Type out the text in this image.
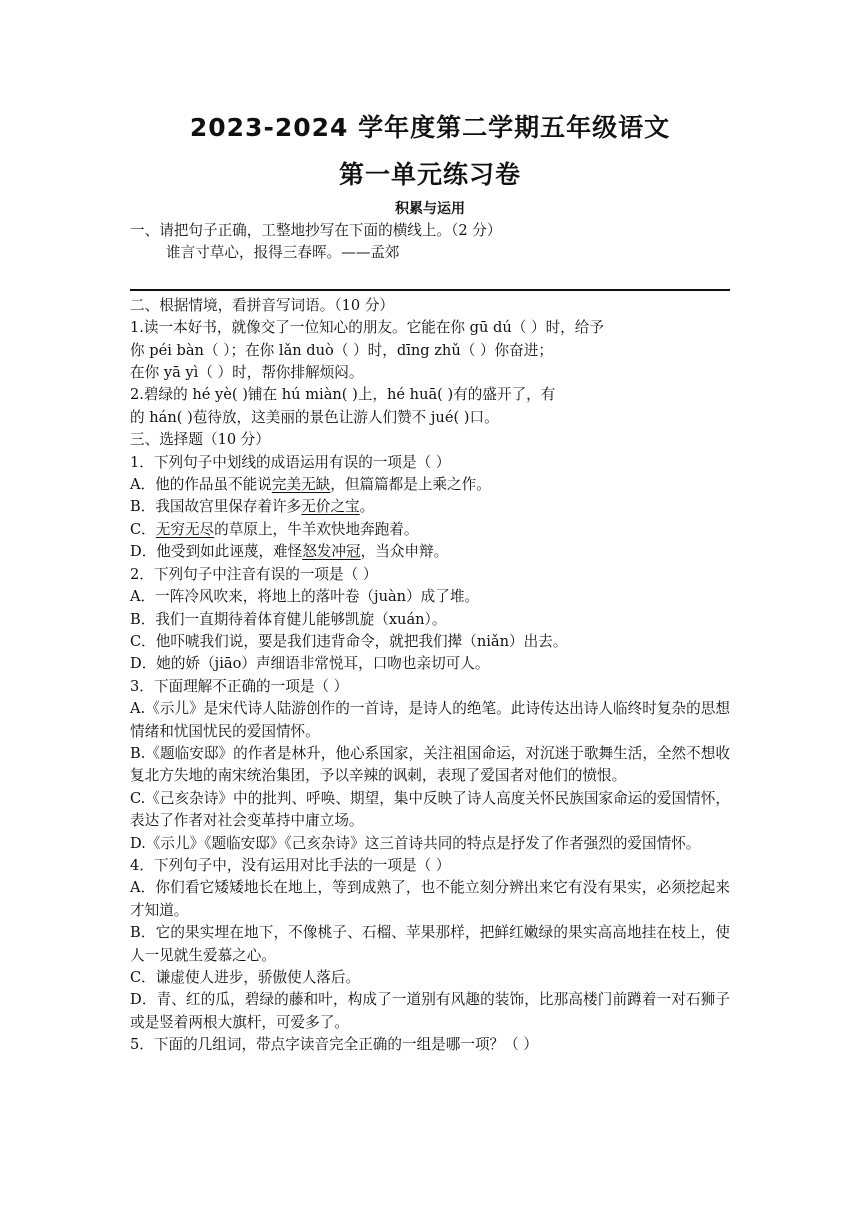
2023-2024 学年度第二学期五年级语文
第一单元练习卷
积累与运用
一、请把句子正确，工整地抄写在下面的横线上。（2 分）
谁言寸草心，报得三春晖。——孟郊
二、根据情境，看拼音写词语。（10 分）
1.读一本好书，就像交了一位知心的朋友。它能在你 gū dú（ ）时，给予
你 péi bàn（ ）；在你 lǎn duò（ ）时，dīng zhǔ（ ）你奋进；
在你 yā yì（ ）时，帮你排解烦闷。
2.碧绿的 hé yè( )铺在 hú miàn( )上，hé huā( )有的盛开了，有
的 hán( )苞待放，这美丽的景色让游人们赞不 jué( )口。
三、选择题（10 分）
1．下列句子中划线的成语运用有误的一项是（ ）
A．他的作品虽不能说完美无缺，但篇篇都是上乘之作。
B．我国故宫里保存着许多无价之宝。
C．无穷无尽的草原上，牛羊欢快地奔跑着。
D．他受到如此诬蔑，难怪怒发冲冠，当众申辩。
2．下列句子中注音有误的一项是（ ）
A．一阵冷风吹来，将地上的落叶卷（juàn）成了堆。
B．我们一直期待着体育健儿能够凯旋（xuán）。
C．他吓唬我们说，要是我们违背命令，就把我们撵（niǎn）出去。
D．她的娇（jiāo）声细语非常悦耳，口吻也亲切可人。
3．下面理解不正确的一项是（ ）
A.《示儿》是宋代诗人陆游创作的一首诗，是诗人的绝笔。此诗传达出诗人临终时复杂的思想情绪和忧国忧民的爱国情怀。
B.《题临安邸》的作者是林升，他心系国家，关注祖国命运，对沉迷于歌舞生活，全然不想收复北方失地的南宋统治集团，予以辛辣的讽刺，表现了爱国者对他们的愤恨。
C.《己亥杂诗》中的批判、呼唤、期望，集中反映了诗人高度关怀民族国家命运的爱国情怀，表达了作者对社会变革持中庸立场。
D.《示儿》《题临安邸》《己亥杂诗》这三首诗共同的特点是抒发了作者强烈的爱国情怀。
4．下列句子中，没有运用对比手法的一项是（ ）
A．你们看它矮矮地长在地上，等到成熟了，也不能立刻分辨出来它有没有果实，必须挖起来才知道。
B．它的果实埋在地下，不像桃子、石榴、苹果那样，把鲜红嫩绿的果实高高地挂在枝上，使人一见就生爱慕之心。
C．谦虚使人进步，骄傲使人落后。
D．青、红的瓜，碧绿的藤和叶，构成了一道别有风趣的装饰，比那高楼门前蹲着一对石狮子或是竖着两根大旗杆，可爱多了。
5．下面的几组词，带点字读音完全正确的一组是哪一项？（ ）
